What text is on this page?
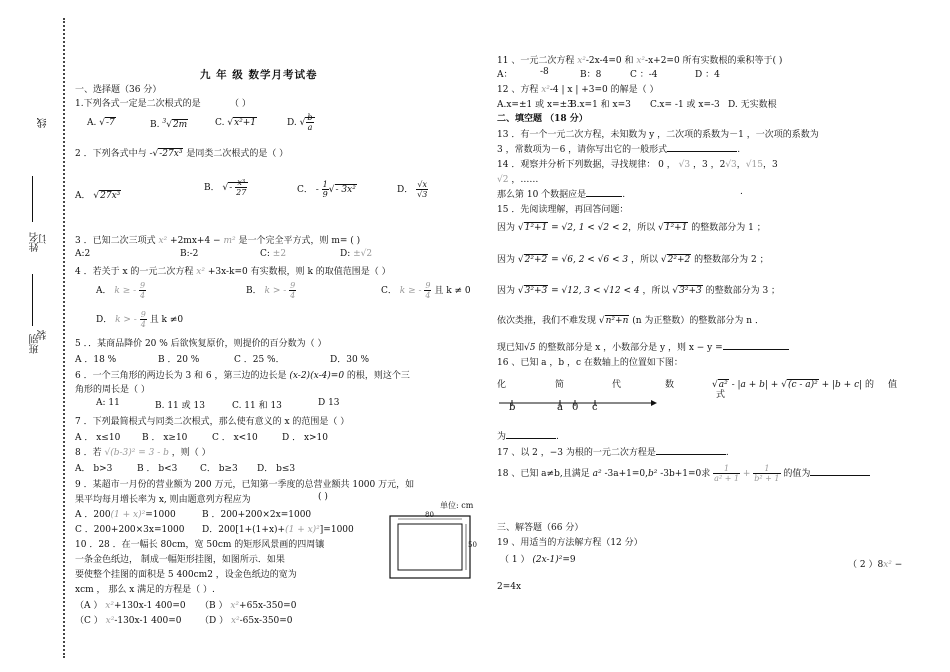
线
订
装
姓名
班别
九 年 级 数学月考试卷
一、选择题（36 分）
1.下列各式一定是二次根式的是	（ ）
A. √-7	B. $^3$√2m	C. √x²+1	D. √ $\frac{b}{a}$
2 ．下列各式中与 -√-27x³ 是同类二次根式的是（ ）
A． √27x³
B． √- $\frac{\text{x³}}{27}$	C． - $\frac{1}{9}$ √- 3x²	D． $\frac{√x}{√3}$
3 ．已知二次三项式 x² +2mx+4 − m² 是一个完全平方式，则 m= ( )
A:2	B:-2	C: ±2	D: ±√2
4 ．若关于 x 的一元二次方程 x² +3x-k=0 有实数根，则 k 的取值范围是（ ）
A． k ≥ - $\frac{9}{4}$	B． k > - $\frac{9}{4}$	C． k ≥ - $\frac{9}{4}$ 且 k ≠ 0
D． k > - $\frac{9}{4}$ 且 k ≠0
5 ．．某商品降价 20 % 后欲恢复原价，则提价的百分数为（ ）
A ．18 %	B ．20 %	C ．25 %．	D．30 %
6 ．一个三角形的两边长为 3 和 6 ，第三边的边长是 (x-2)(x-4)=0 的根，则这个三
角形的周长是（ ）
A: 11	B. 11 或 13	C. 11 和 13	D 13
7 ．下列最简根式与同类二次根式，那么使有意义的 x 的范围是（ ）
A ． x≤10 B ． x≥10	C ． x<10	D ． x>10
8 ．若 √(b-3)² = 3 - b ，则（ ）
A． b>3	B ． b<3	C． b≥3 D． b≤3
9 ．某超市一月份的营业额为 200 万元，已知第一季度的总营业额共 1000 万元，如
果平均每月增长率为 x, 则由题意列方程应为	( )
A ．200(1 + x)²=1000	B ．200+200×2x=1000
C ．200+200×3x=1000 D．200[1+(1+x)+(1 + x)²]=1000
10 ．28 ．在一幅长 80cm，宽 50cm 的矩形风景画的四周镶
一条金色纸边， 制成一幅矩形挂图，如图所示．如果
要使整个挂图的面积是 5 400cm2 ，设金色纸边的宽为
xcm ， 那么 x 满足的方程是（ ）.
（A ） x²+130x-1 400=0 （B ） x²+65x-350=0
（C ） x²-130x-1 400=0 （D ） x²-65x-350=0
单位: cm
80
50
11 、一元二次方程 x²-2x-4=0 和 x²-x+2=0 所有实数根的乘积等于( )
A：	-8	B：8	C ：-4	D ：4
12 、方程 x²-4 | x | +3=0 的解是（ ）
A.x=±1 或 x=±3
B.x=1 和 x=3 C.x= -1 或 x=-3 D. 无实数根
二、填空题 （18 分）
13 ．有一个一元二次方程，未知数为 y ，二次项的系数为－1 ，一次项的系数为
3 ，常数项为－6 ，请你写出它的一般形式	.
14 ．观察并分析下列数据，寻找规律： 0 ， √3 ，3 ，2√3，√15，3
√2 ，……
那么第 10 个数据应是	.	.
15 ．先阅读理解，再回答问题：
因为 √1²+1 = √2, 1 < √2 < 2，所以 √1²+1 的整数部分为 1 ；
因为 √2²+2 = √6, 2 < √6 < 3 ，所以 √2²+2 的整数部分为 2 ；
因为 √3²+3 = √12, 3 < √12 < 4 ，所以 √3²+3 的整数部分为 3 ；
依次类推，我们不难发现 √n²+n (n 为正整数）的整数部分为 n ．
现已知√5 的整数部分是 x ，小数部分是 y ，则 x − y =
16 、已知 a ，b ，c 在数轴上的位置如下图：
化	简	代	数	√a² - |a + b| + √(c - a)² + |b + c| 的
式
值
b	a 0 c
为	.
17 、以 2 ，−3 为根的一元二次方程是	.
18 、已知 a≠b,且满足 a² -3a+1=0,b² -3b+1=0求 $\frac{1}{\text{a² + 1}} + \frac{1}{\text{b² + 1}}$ 的值为
三、解答题（66 分）
19 、用适当的方法解方程（12 分）
（ 1 ） (2x-1)²=9	（ 2 ）8x² −
2=4x
